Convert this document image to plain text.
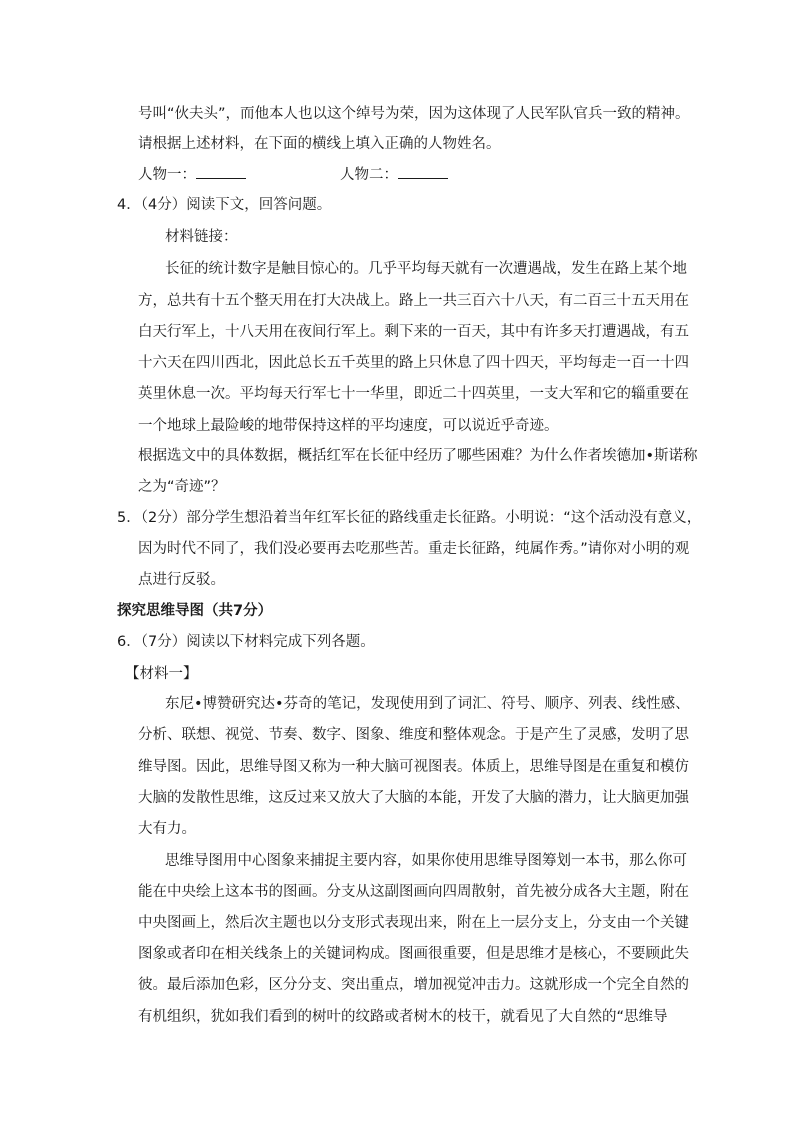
号叫“伙夫头”，而他本人也以这个绰号为荣，因为这体现了人民军队官兵一致的精神。
请根据上述材料，在下面的横线上填入正确的人物姓名。
人物一：	人物二：
4．（4分）阅读下文，回答问题。
材料链接：
长征的统计数字是触目惊心的。几乎平均每天就有一次遭遇战，发生在路上某个地
方，总共有十五个整天用在打大决战上。路上一共三百六十八天，有二百三十五天用在
白天行军上，十八天用在夜间行军上。剩下来的一百天，其中有许多天打遭遇战，有五
十六天在四川西北，因此总长五千英里的路上只休息了四十四天，平均每走一百一十四
英里休息一次。平均每天行军七十一华里，即近二十四英里，一支大军和它的辎重要在
一个地球上最险峻的地带保持这样的平均速度，可以说近乎奇迹。
根据选文中的具体数据，概括红军在长征中经历了哪些困难？为什么作者埃德加•斯诺称
之为“奇迹”？
5．（2分）部分学生想沿着当年红军长征的路线重走长征路。小明说：“这个活动没有意义，
因为时代不同了，我们没必要再去吃那些苦。重走长征路，纯属作秀。”请你对小明的观
点进行反驳。
探究思维导图（共7分）
6．（7分）阅读以下材料完成下列各题。
【材料一】
东尼•博赞研究达•芬奇的笔记，发现使用到了词汇、符号、顺序、列表、线性感、
分析、联想、视觉、节奏、数字、图象、维度和整体观念。于是产生了灵感，发明了思
维导图。因此，思维导图又称为一种大脑可视图表。体质上，思维导图是在重复和模仿
大脑的发散性思维，这反过来又放大了大脑的本能，开发了大脑的潜力，让大脑更加强
大有力。
思维导图用中心图象来捕捉主要内容，如果你使用思维导图筹划一本书，那么你可
能在中央绘上这本书的图画。分支从这副图画向四周散射，首先被分成各大主题，附在
中央图画上，然后次主题也以分支形式表现出来，附在上一层分支上，分支由一个关键
图象或者印在相关线条上的关键词构成。图画很重要，但是思维才是核心，不要顾此失
彼。最后添加色彩，区分分支、突出重点，增加视觉冲击力。这就形成一个完全自然的
有机组织，犹如我们看到的树叶的纹路或者树木的枝干，就看见了大自然的“思维导
